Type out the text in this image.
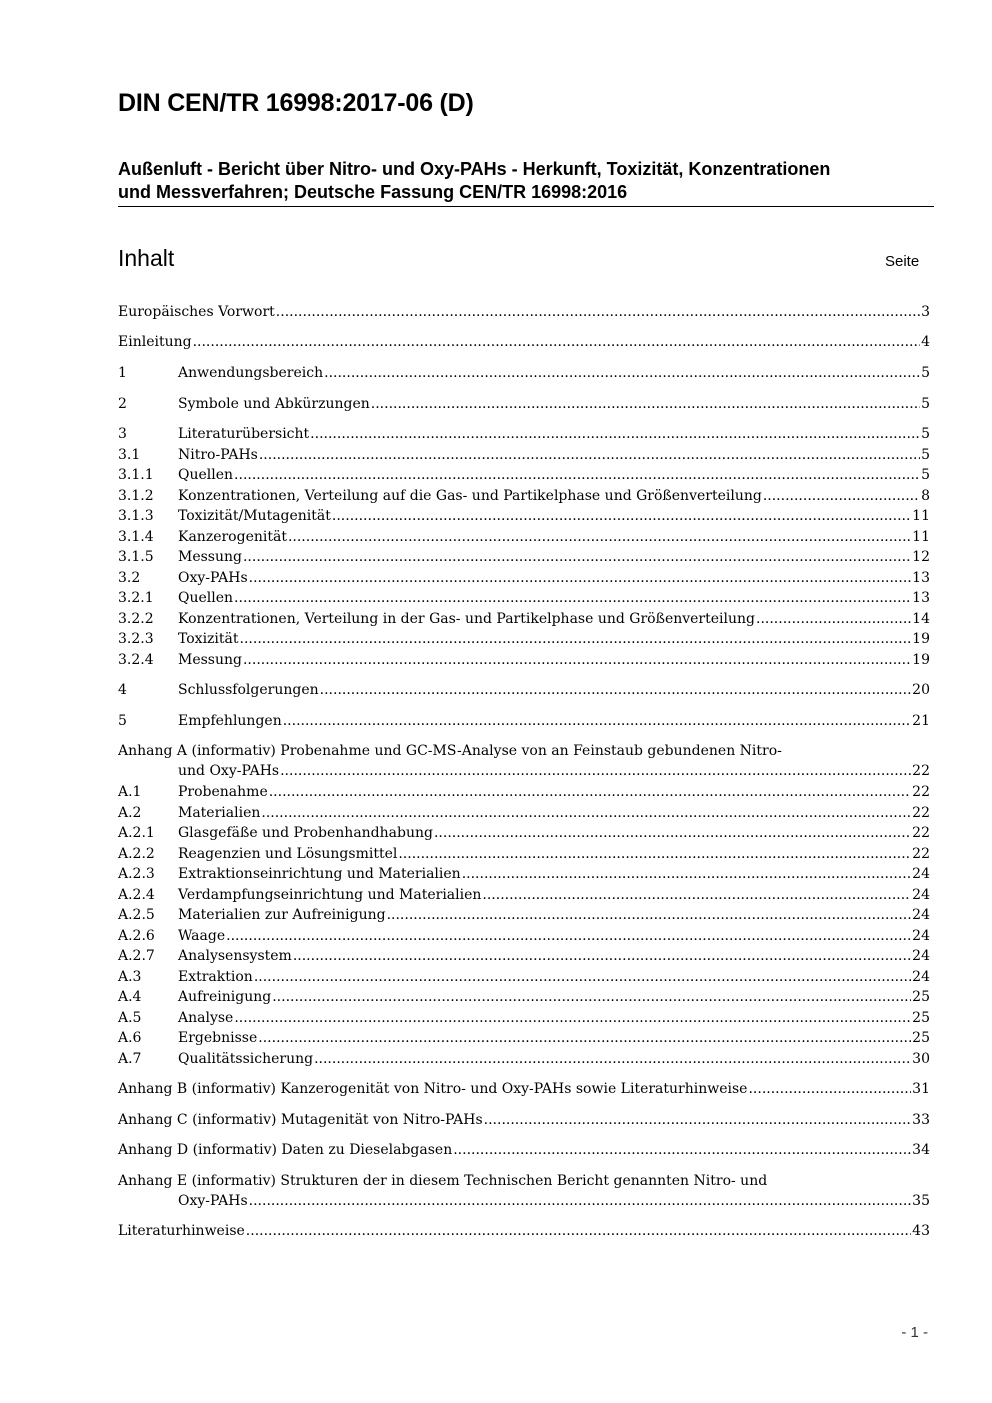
DIN CEN/TR 16998:2017-06 (D)
Außenluft - Bericht über Nitro- und Oxy-PAHs - Herkunft, Toxizität, Konzentrationen
und Messverfahren; Deutsche Fassung CEN/TR 16998:2016
Inhalt	Seite
Europäisches Vorwort .....	3
Einleitung .....	4
1	Anwendungsbereich .....	5
2	Symbole und Abkürzungen .....	5
3	Literaturübersicht .....	5
3.1	Nitro-PAHs .....	5
3.1.1	Quellen .....	5
3.1.2	Konzentrationen, Verteilung auf die Gas- und Partikelphase und Größenverteilung .....	8
3.1.3	Toxizität/Mutagenität .....	11
3.1.4	Kanzerogenität .....	11
3.1.5	Messung .....	12
3.2	Oxy-PAHs .....	13
3.2.1	Quellen .....	13
3.2.2	Konzentrationen, Verteilung in der Gas- und Partikelphase und Größenverteilung .....	14
3.2.3	Toxizität .....	19
3.2.4	Messung .....	19
4	Schlussfolgerungen .....	20
5	Empfehlungen .....	21
Anhang A (informativ) Probenahme und GC-MS-Analyse von an Feinstaub gebundenen Nitro-
und Oxy-PAHs .....	22
A.1	Probenahme .....	22
A.2	Materialien .....	22
A.2.1	Glasgefäße und Probenhandhabung .....	22
A.2.2	Reagenzien und Lösungsmittel .....	22
A.2.3	Extraktionseinrichtung und Materialien .....	24
A.2.4	Verdampfungseinrichtung und Materialien .....	24
A.2.5	Materialien zur Aufreinigung .....	24
A.2.6	Waage .....	24
A.2.7	Analysensystem .....	24
A.3	Extraktion .....	24
A.4	Aufreinigung .....	25
A.5	Analyse .....	25
A.6	Ergebnisse .....	25
A.7	Qualitätssicherung .....	30
Anhang B (informativ) Kanzerogenität von Nitro- und Oxy-PAHs sowie Literaturhinweise .....	31
Anhang C (informativ) Mutagenität von Nitro-PAHs .....	33
Anhang D (informativ) Daten zu Dieselabgasen .....	34
Anhang E (informativ) Strukturen der in diesem Technischen Bericht genannten Nitro- und
Oxy-PAHs .....	35
Literaturhinweise .....	43
- 1 -
